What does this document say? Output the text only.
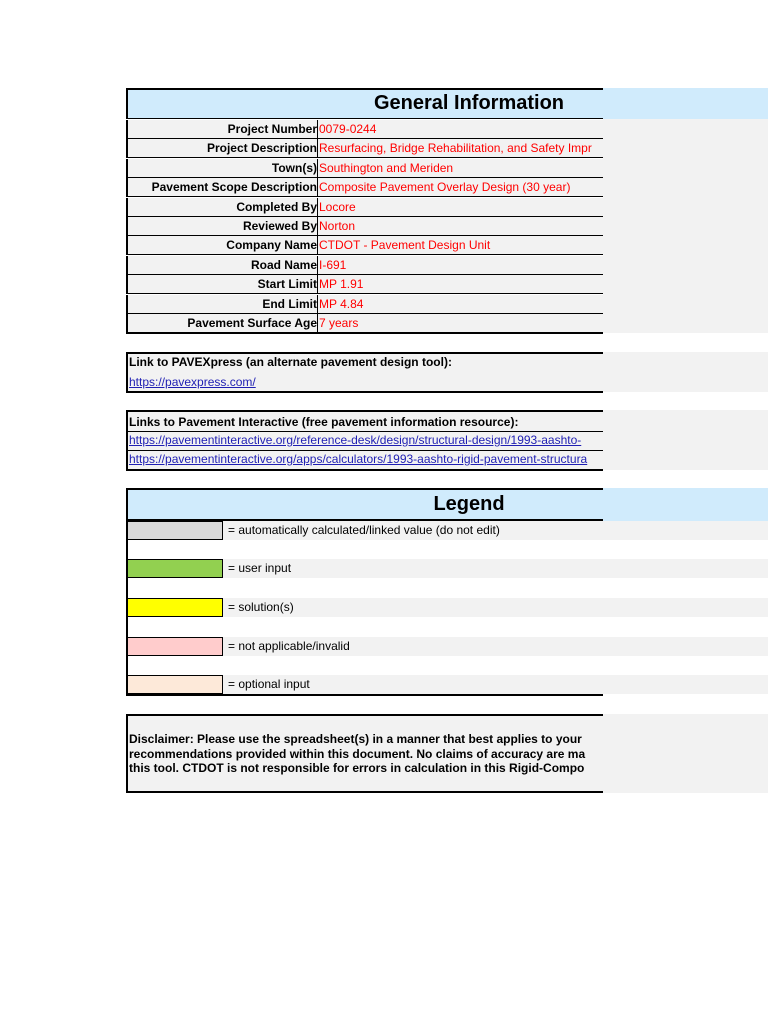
General Information
Project Number 0079-0244
Project Description Resurfacing, Bridge Rehabilitation, and Safety Impr
Town(s) Southington and Meriden
Pavement Scope Description Composite Pavement Overlay Design (30 year)
Completed By Locore
Reviewed By Norton
Company Name CTDOT - Pavement Design Unit
Road Name I-691
Start Limit MP 1.91
End Limit MP 4.84
Pavement Surface Age 7 years
Link to PAVEXpress (an alternate pavement design tool):
https://pavexpress.com/
Links to Pavement Interactive (free pavement information resource):
https://pavementinteractive.org/reference-desk/design/structural-design/1993-aashto-
https://pavementinteractive.org/apps/calculators/1993-aashto-rigid-pavement-structura
Legend
= automatically calculated/linked value (do not edit)
= user input
= solution(s)
= not applicable/invalid
= optional input
Disclaimer: Please use the spreadsheet(s) in a manner that best applies to your
recommendations provided within this document. No claims of accuracy are ma
this tool. CTDOT is not responsible for errors in calculation in this Rigid-Compo
